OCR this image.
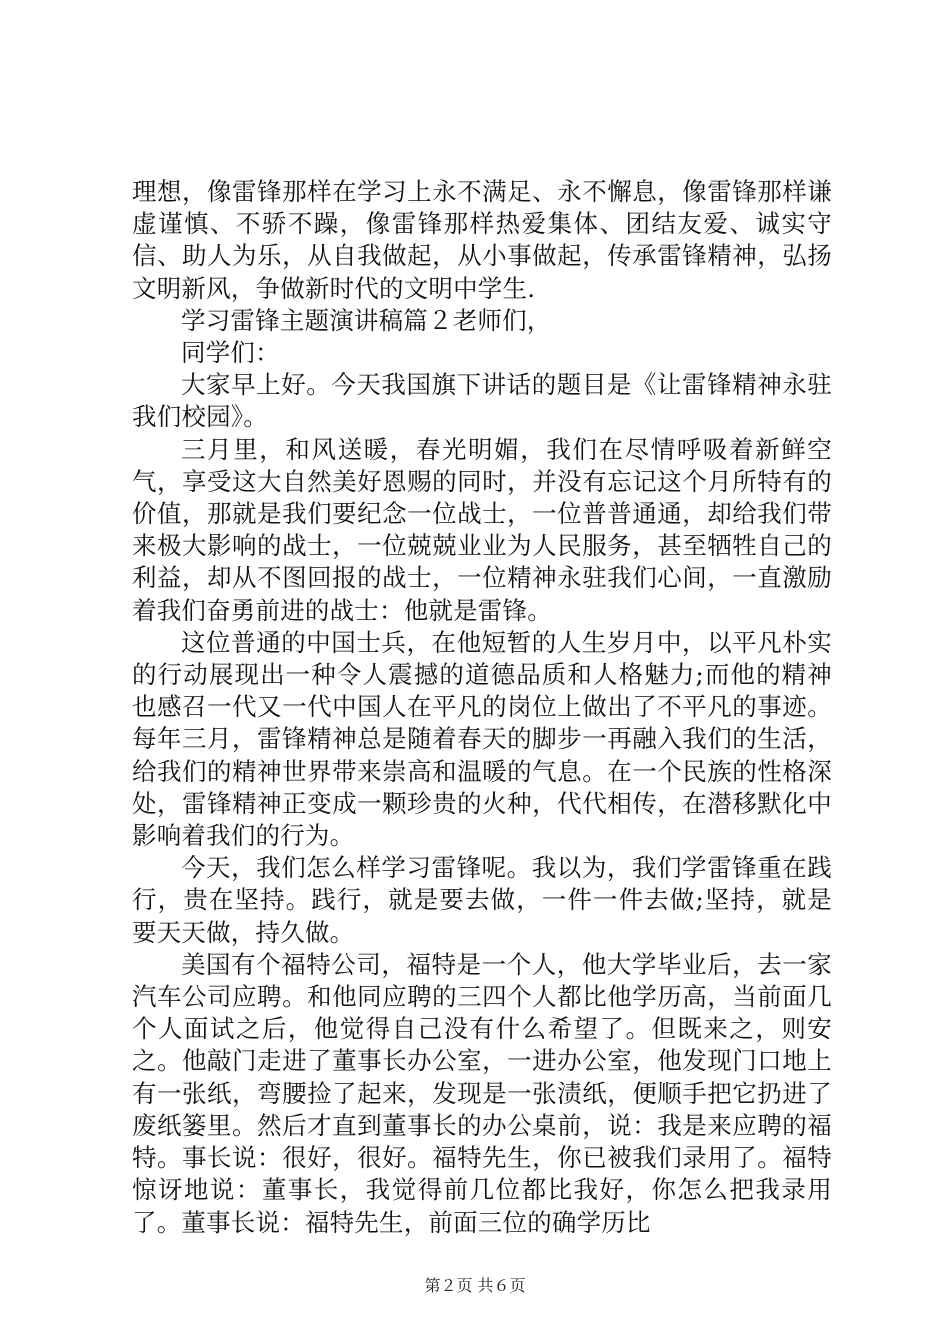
理想，像雷锋那样在学习上永不满足、永不懈息，像雷锋那样谦虚谨慎、不骄不躁，像雷锋那样热爱集体、团结友爱、诚实守信、助人为乐，从自我做起，从小事做起，传承雷锋精神，弘扬文明新风，争做新时代的文明中学生.

学习雷锋主题演讲稿篇２老师们，

同学们：

大家早上好。今天我国旗下讲话的题目是《让雷锋精神永驻我们校园》。

三月里，和风送暖，春光明媚，我们在尽情呼吸着新鲜空气，享受这大自然美好恩赐的同时，并没有忘记这个月所特有的价值，那就是我们要纪念一位战士，一位普普通通，却给我们带来极大影响的战士，一位兢兢业业为人民服务，甚至牺牲自己的利益，却从不图回报的战士，一位精神永驻我们心间，一直激励着我们奋勇前进的战士：他就是雷锋。

这位普通的中国士兵，在他短暂的人生岁月中，以平凡朴实的行动展现出一种令人震撼的道德品质和人格魅力;而他的精神也感召一代又一代中国人在平凡的岗位上做出了不平凡的事迹。每年三月，雷锋精神总是随着春天的脚步一再融入我们的生活，给我们的精神世界带来崇高和温暖的气息。在一个民族的性格深处，雷锋精神正变成一颗珍贵的火种，代代相传，在潜移默化中影响着我们的行为。

今天，我们怎么样学习雷锋呢。我以为，我们学雷锋重在践行，贵在坚持。践行，就是要去做，一件一件去做;坚持，就是要天天做，持久做。

美国有个福特公司，福特是一个人，他大学毕业后，去一家汽车公司应聘。和他同应聘的三四个人都比他学历高，当前面几个人面试之后，他觉得自己没有什么希望了。但既来之，则安之。他敲门走进了董事长办公室，一进办公室，他发现门口地上有一张纸，弯腰捡了起来，发现是一张渍纸，便顺手把它扔进了废纸篓里。然后才直到董事长的办公桌前，说：我是来应聘的福特。事长说：很好，很好。福特先生，你已被我们录用了。福特惊讶地说：董事长，我觉得前几位都比我好，你怎么把我录用了。董事长说：福特先生，前面三位的确学历比

第２页 共６页
